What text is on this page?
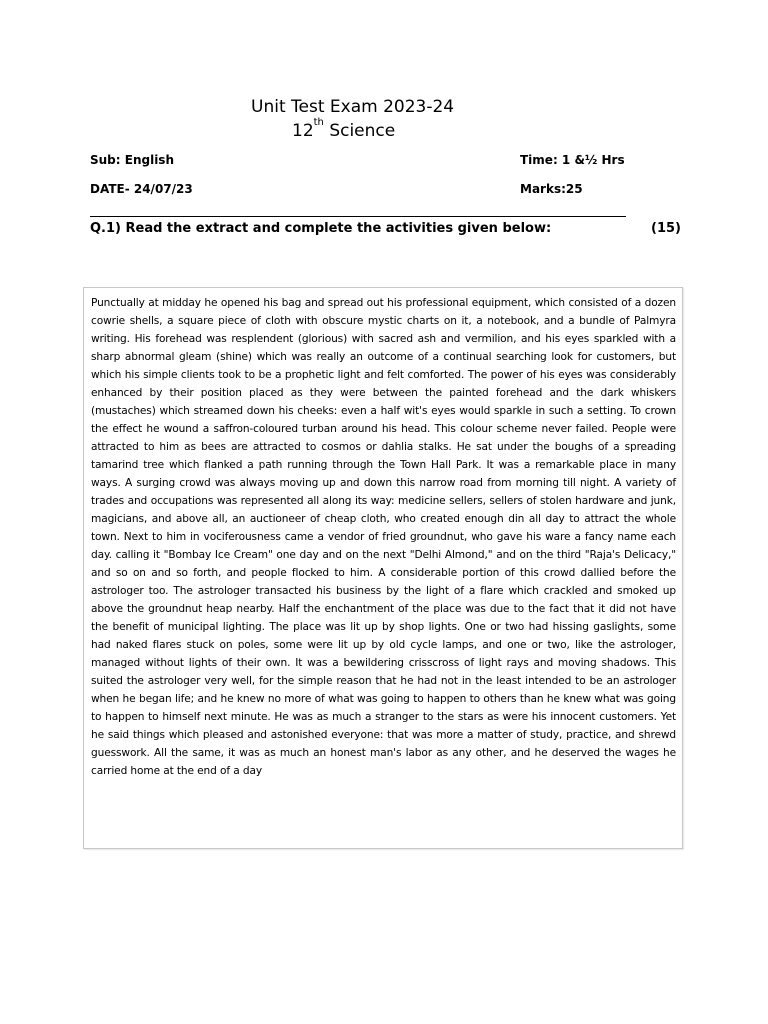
Unit Test Exam 2023-24
12th Science
Sub: English	Time: 1 &½ Hrs
DATE- 24/07/23	Marks:25
Q.1) Read the extract and complete the activities given below:	(15)

Punctually at midday he opened his bag and spread out his professional equipment, which consisted of a dozen cowrie shells, a square piece of cloth with obscure mystic charts on it, a notebook, and a bundle of Palmyra writing. His forehead was resplendent (glorious) with sacred ash and vermilion, and his eyes sparkled with a sharp abnormal gleam (shine) which was really an outcome of a continual searching look for customers, but which his simple clients took to be a prophetic light and felt comforted. The power of his eyes was considerably enhanced by their position placed as they were between the painted forehead and the dark whiskers (mustaches) which streamed down his cheeks: even a half wit's eyes would sparkle in such a setting. To crown the effect he wound a saffron-coloured turban around his head. This colour scheme never failed. People were attracted to him as bees are attracted to cosmos or dahlia stalks. He sat under the boughs of a spreading tamarind tree which flanked a path running through the Town Hall Park. It was a remarkable place in many ways. A surging crowd was always moving up and down this narrow road from morning till night. A variety of trades and occupations was represented all along its way: medicine sellers, sellers of stolen hardware and junk, magicians, and above all, an auctioneer of cheap cloth, who created enough din all day to attract the whole town. Next to him in vociferousness came a vendor of fried groundnut, who gave his ware a fancy name each day. calling it "Bombay Ice Cream" one day and on the next "Delhi Almond," and on the third "Raja's Delicacy," and so on and so forth, and people flocked to him. A considerable portion of this crowd dallied before the astrologer too. The astrologer transacted his business by the light of a flare which crackled and smoked up above the groundnut heap nearby. Half the enchantment of the place was due to the fact that it did not have the benefit of municipal lighting. The place was lit up by shop lights. One or two had hissing gaslights, some had naked flares stuck on poles, some were lit up by old cycle lamps, and one or two, like the astrologer, managed without lights of their own. It was a bewildering crisscross of light rays and moving shadows. This suited the astrologer very well, for the simple reason that he had not in the least intended to be an astrologer when he began life; and he knew no more of what was going to happen to others than he knew what was going to happen to himself next minute. He was as much a stranger to the stars as were his innocent customers. Yet he said things which pleased and astonished everyone: that was more a matter of study, practice, and shrewd guesswork. All the same, it was as much an honest man's labor as any other, and he deserved the wages he carried home at the end of a day
